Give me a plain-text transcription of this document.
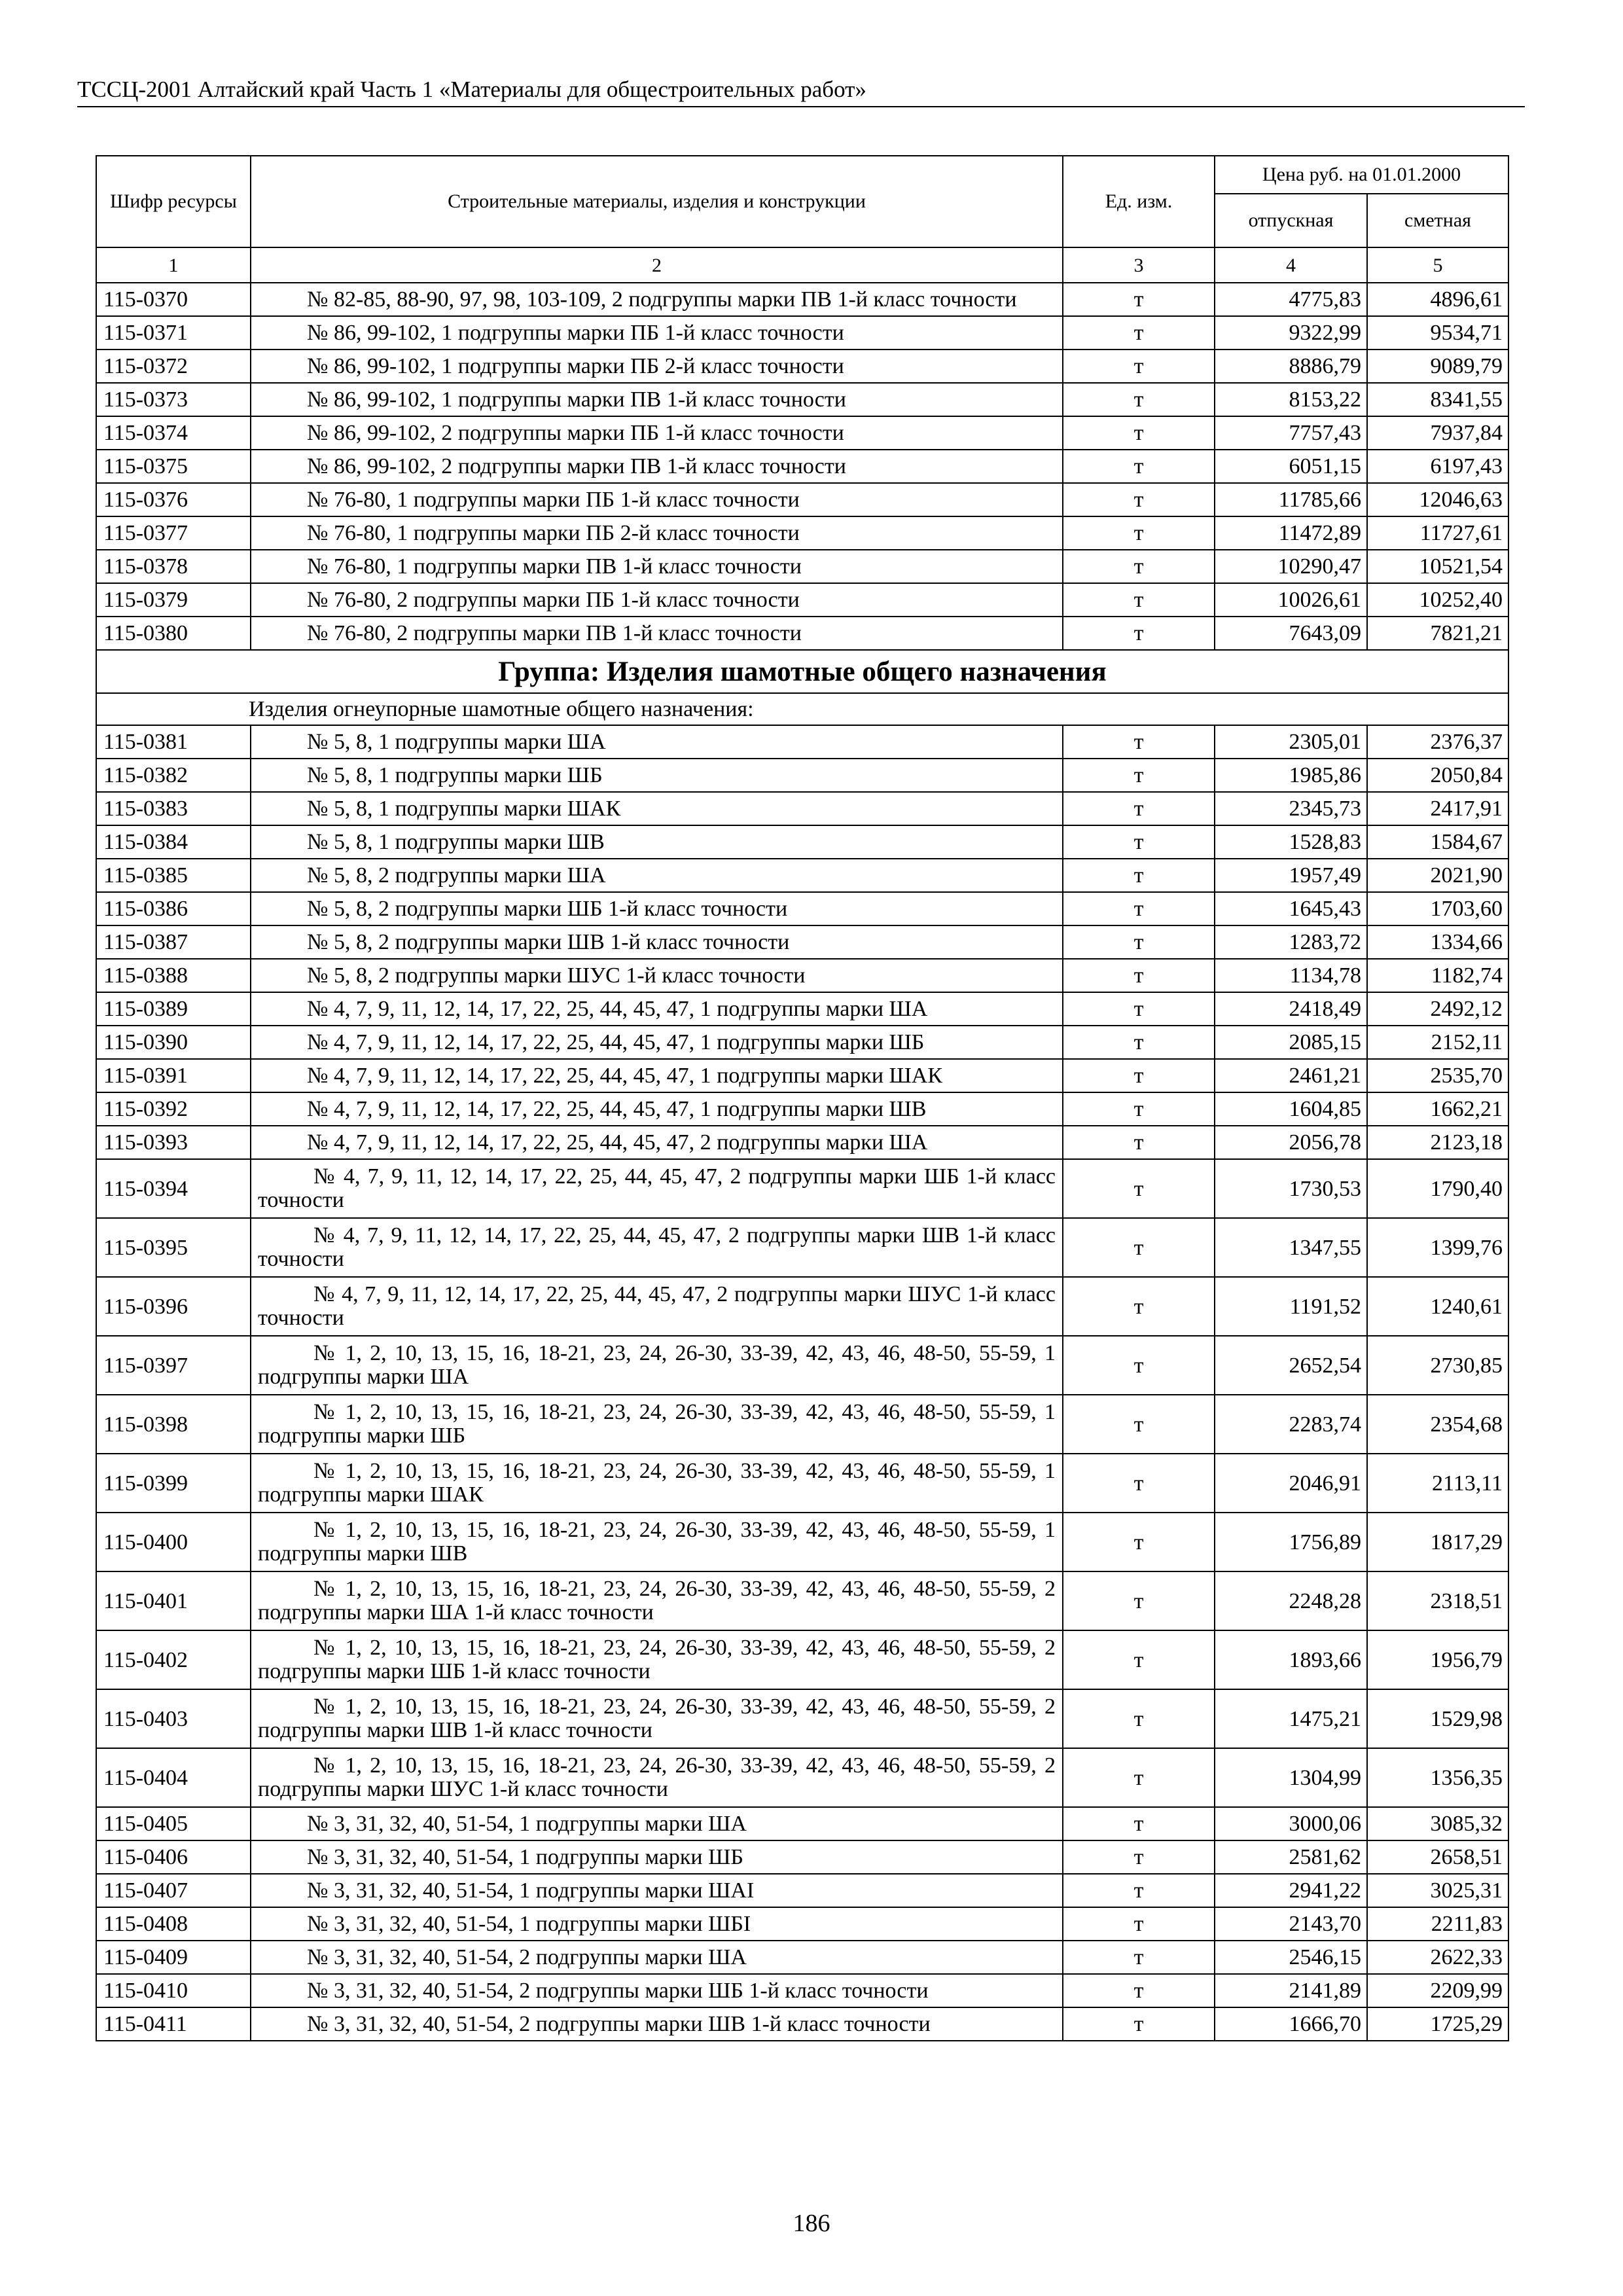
ТССЦ-2001 Алтайский край Часть 1 «Материалы для общестроительных работ»
Шифр ресурсы	Строительные материалы, изделия и конструкции	Ед. изм.	Цена руб. на 01.01.2000	
			отпускная	сметная
1	2	3	4	5
115-0370	№ 82-85, 88-90, 97, 98, 103-109, 2 подгруппы марки ПВ 1-й класс точности	т	4775,83	4896,61
115-0371	№ 86, 99-102, 1 подгруппы марки ПБ 1-й класс точности	т	9322,99	9534,71
115-0372	№ 86, 99-102, 1 подгруппы марки ПБ 2-й класс точности	т	8886,79	9089,79
115-0373	№ 86, 99-102, 1 подгруппы марки ПВ 1-й класс точности	т	8153,22	8341,55
115-0374	№ 86, 99-102, 2 подгруппы марки ПБ 1-й класс точности	т	7757,43	7937,84
115-0375	№ 86, 99-102, 2 подгруппы марки ПВ 1-й класс точности	т	6051,15	6197,43
115-0376	№ 76-80, 1 подгруппы марки ПБ 1-й класс точности	т	11785,66	12046,63
115-0377	№ 76-80, 1 подгруппы марки ПБ 2-й класс точности	т	11472,89	11727,61
115-0378	№ 76-80, 1 подгруппы марки ПВ 1-й класс точности	т	10290,47	10521,54
115-0379	№ 76-80, 2 подгруппы марки ПБ 1-й класс точности	т	10026,61	10252,40
115-0380	№ 76-80, 2 подгруппы марки ПВ 1-й класс точности	т	7643,09	7821,21
Группа: Изделия шамотные общего назначения				
Изделия огнеупорные шамотные общего назначения:				
115-0381	№ 5, 8, 1 подгруппы марки ША	т	2305,01	2376,37
115-0382	№ 5, 8, 1 подгруппы марки ШБ	т	1985,86	2050,84
115-0383	№ 5, 8, 1 подгруппы марки ШАК	т	2345,73	2417,91
115-0384	№ 5, 8, 1 подгруппы марки ШВ	т	1528,83	1584,67
115-0385	№ 5, 8, 2 подгруппы марки ША	т	1957,49	2021,90
115-0386	№ 5, 8, 2 подгруппы марки ШБ 1-й класс точности	т	1645,43	1703,60
115-0387	№ 5, 8, 2 подгруппы марки ШВ 1-й класс точности	т	1283,72	1334,66
115-0388	№ 5, 8, 2 подгруппы марки ШУС 1-й класс точности	т	1134,78	1182,74
115-0389	№ 4, 7, 9, 11, 12, 14, 17, 22, 25, 44, 45, 47, 1 подгруппы марки ША	т	2418,49	2492,12
115-0390	№ 4, 7, 9, 11, 12, 14, 17, 22, 25, 44, 45, 47, 1 подгруппы марки ШБ	т	2085,15	2152,11
115-0391	№ 4, 7, 9, 11, 12, 14, 17, 22, 25, 44, 45, 47, 1 подгруппы марки ШАК	т	2461,21	2535,70
115-0392	№ 4, 7, 9, 11, 12, 14, 17, 22, 25, 44, 45, 47, 1 подгруппы марки ШВ	т	1604,85	1662,21
115-0393	№ 4, 7, 9, 11, 12, 14, 17, 22, 25, 44, 45, 47, 2 подгруппы марки ША	т	2056,78	2123,18
115-0394	№ 4, 7, 9, 11, 12, 14, 17, 22, 25, 44, 45, 47, 2 подгруппы марки ШБ 1-й класс точности	т	1730,53	1790,40
115-0395	№ 4, 7, 9, 11, 12, 14, 17, 22, 25, 44, 45, 47, 2 подгруппы марки ШВ 1-й класс точности	т	1347,55	1399,76
115-0396	№ 4, 7, 9, 11, 12, 14, 17, 22, 25, 44, 45, 47, 2 подгруппы марки ШУС 1-й класс точности	т	1191,52	1240,61
115-0397	№ 1, 2, 10, 13, 15, 16, 18-21, 23, 24, 26-30, 33-39, 42, 43, 46, 48-50, 55-59, 1 подгруппы марки ША	т	2652,54	2730,85
115-0398	№ 1, 2, 10, 13, 15, 16, 18-21, 23, 24, 26-30, 33-39, 42, 43, 46, 48-50, 55-59, 1 подгруппы марки ШБ	т	2283,74	2354,68
115-0399	№ 1, 2, 10, 13, 15, 16, 18-21, 23, 24, 26-30, 33-39, 42, 43, 46, 48-50, 55-59, 1 подгруппы марки ШАК	т	2046,91	2113,11
115-0400	№ 1, 2, 10, 13, 15, 16, 18-21, 23, 24, 26-30, 33-39, 42, 43, 46, 48-50, 55-59, 1 подгруппы марки ШВ	т	1756,89	1817,29
115-0401	№ 1, 2, 10, 13, 15, 16, 18-21, 23, 24, 26-30, 33-39, 42, 43, 46, 48-50, 55-59, 2 подгруппы марки ША 1-й класс точности	т	2248,28	2318,51
115-0402	№ 1, 2, 10, 13, 15, 16, 18-21, 23, 24, 26-30, 33-39, 42, 43, 46, 48-50, 55-59, 2 подгруппы марки ШБ 1-й класс точности	т	1893,66	1956,79
115-0403	№ 1, 2, 10, 13, 15, 16, 18-21, 23, 24, 26-30, 33-39, 42, 43, 46, 48-50, 55-59, 2 подгруппы марки ШВ 1-й класс точности	т	1475,21	1529,98
115-0404	№ 1, 2, 10, 13, 15, 16, 18-21, 23, 24, 26-30, 33-39, 42, 43, 46, 48-50, 55-59, 2 подгруппы марки ШУС 1-й класс точности	т	1304,99	1356,35
115-0405	№ 3, 31, 32, 40, 51-54, 1 подгруппы марки ША	т	3000,06	3085,32
115-0406	№ 3, 31, 32, 40, 51-54, 1 подгруппы марки ШБ	т	2581,62	2658,51
115-0407	№ 3, 31, 32, 40, 51-54, 1 подгруппы марки ШАI	т	2941,22	3025,31
115-0408	№ 3, 31, 32, 40, 51-54, 1 подгруппы марки ШБI	т	2143,70	2211,83
115-0409	№ 3, 31, 32, 40, 51-54, 2 подгруппы марки ША	т	2546,15	2622,33
115-0410	№ 3, 31, 32, 40, 51-54, 2 подгруппы марки ШБ 1-й класс точности	т	2141,89	2209,99
115-0411	№ 3, 31, 32, 40, 51-54, 2 подгруппы марки ШВ 1-й класс точности	т	1666,70	1725,29
186
